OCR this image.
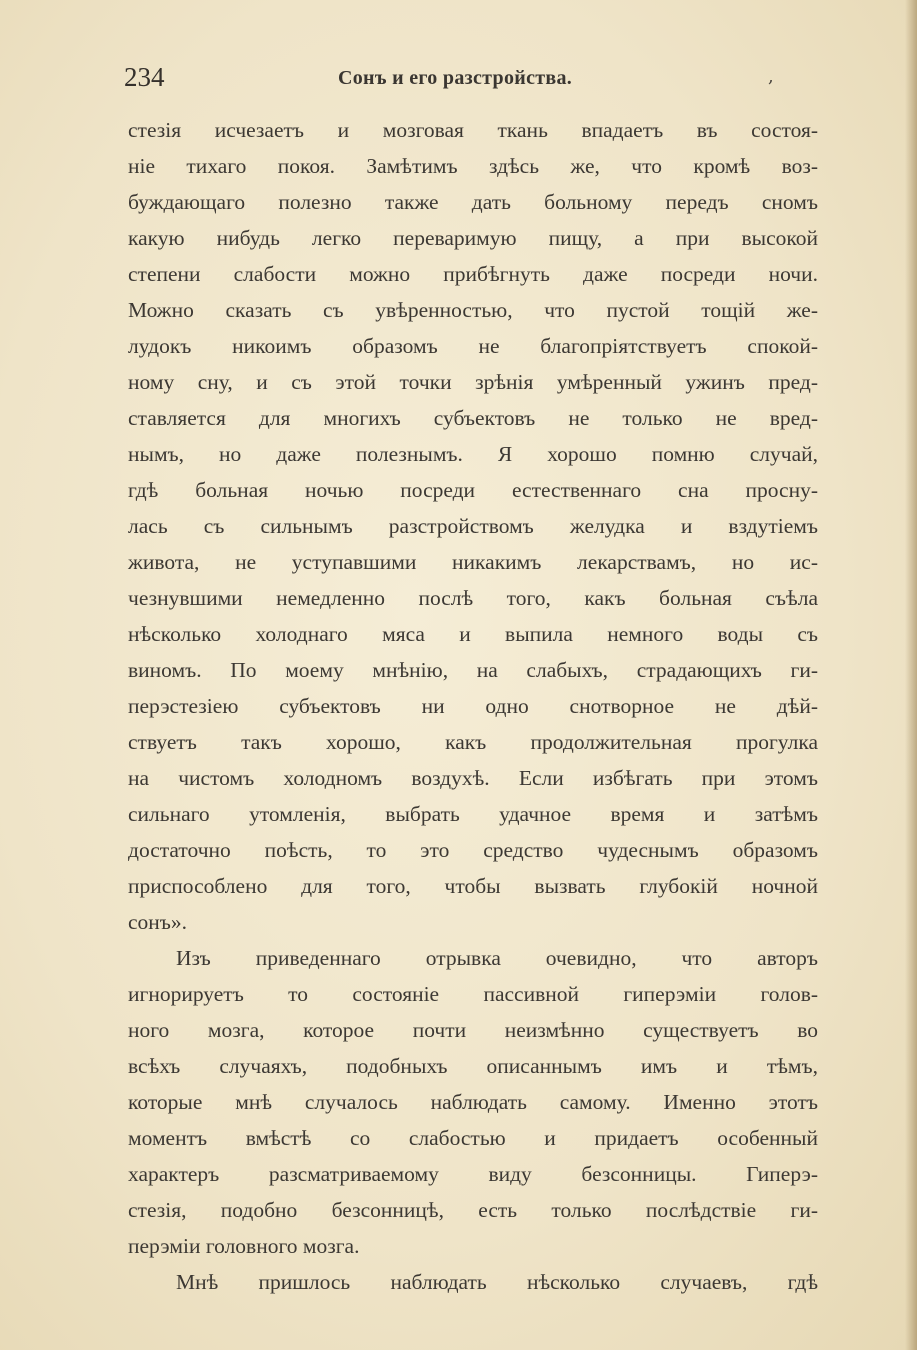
234	Сонъ и его разстройства.	,
стезія исчезаетъ и мозговая ткань впадаетъ въ состоя-
ніе тихаго покоя. Замѣтимъ здѣсь же, что кромѣ воз-
буждающаго полезно также дать больному передъ сномъ
какую нибудь легко переваримую пищу, а при высокой
степени слабости можно прибѣгнуть даже посреди ночи.
Можно сказать съ увѣренностью, что пустой тощій же-
лудокъ никоимъ образомъ не благопріятствуетъ спокой-
ному сну, и съ этой точки зрѣнія умѣренный ужинъ пред-
ставляется для многихъ субъектовъ не только не вред-
нымъ, но даже полезнымъ. Я хорошо помню случай,
гдѣ больная ночью посреди естественнаго сна просну-
лась съ сильнымъ разстройствомъ желудка и вздутіемъ
живота, не уступавшими никакимъ лекарствамъ, но ис-
чезнувшими немедленно послѣ того, какъ больная съѣла
нѣсколько холоднаго мяса и выпила немного воды съ
виномъ. По моему мнѣнію, на слабыхъ, страдающихъ ги-
перэстезіею субъектовъ ни одно снотворное не дѣй-
ствуетъ такъ хорошо, какъ продолжительная прогулка
на чистомъ холодномъ воздухѣ. Если избѣгать при этомъ
сильнаго утомленія, выбрать удачное время и затѣмъ
достаточно поѣсть, то это средство чудеснымъ образомъ
приспособлено для того, чтобы вызвать глубокій ночной
сонъ».
Изъ приведеннаго отрывка очевидно, что авторъ
игнорируетъ то состояніе пассивной гиперэміи голов-
ного мозга, которое почти неизмѣнно существуетъ во
всѣхъ случаяхъ, подобныхъ описаннымъ имъ и тѣмъ,
которые мнѣ случалось наблюдать самому. Именно этотъ
моментъ вмѣстѣ со слабостью и придаетъ особенный
характеръ разсматриваемому виду безсонницы. Гиперэ-
стезія, подобно безсонницѣ, есть только послѣдствіе ги-
перэміи головного мозга.
Мнѣ пришлось наблюдать нѣсколько случаевъ, гдѣ
